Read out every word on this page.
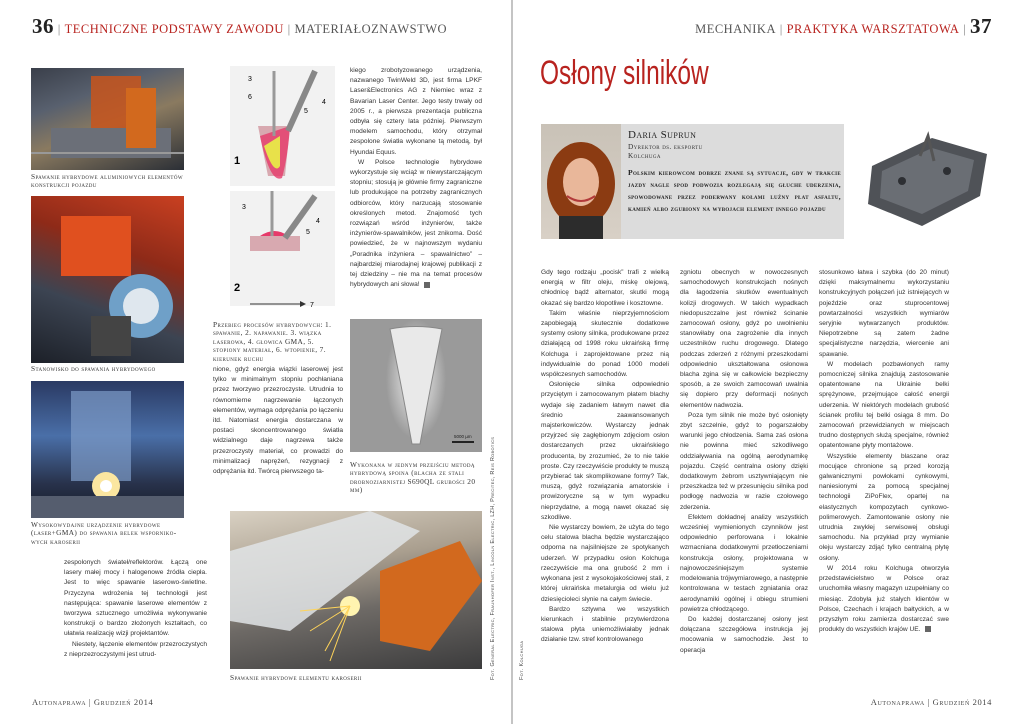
36 | TECHNICZNE PODSTAWY ZAWODU | MATERIAŁOZNAWSTWO	MECHANIKA | PRAKTYKA WARSZTATOWA | 37
Spawanie hybrydowe aluminiowych elementów konstrukcji pojazdu
Stanowisko do spawania hybrydowego
Wysokowydajne urządzenie hybrydowe (laser+GMA) do spawania belek wsporniko-wych karoserii
3
6
5
4
1
3
4
5
2
7
Przebieg procesów hybrydowych: 1. spawanie, 2. napawanie. 3. wiązka laserowa, 4. głowica GMA, 5. stopiony materiał, 6. wtopienie, 7. kierunek ruchu

kiego zrobotyzowanego urządzenia, nazwanego TwinWeld 3D, jest firma LPKF Laser&Electronics AG z Niemiec wraz z Bavarian Laser Center. Jego testy trwały od 2005 r., a pierwsza prezentacja publiczna odbyła się cztery lata później. Pierwszym modelem samochodu, który otrzymał zespolone światła wykonane tą metodą, był Hyundai Equus.

W Polsce technologie hybrydowe wykorzystuje się wciąż w niewystarczającym stopniu; stosują je głównie firmy zagraniczne lub produkujące na potrzeby zagranicznych odbiorców, który narzucają stosowanie określonych metod. Znajomość tych rozwiązań wśród inżynierów, także inżynierów-spawalników, jest znikoma. Dość powiedzieć, że w najnowszym wydaniu „Poradnika inżyniera – spawalnictwo” – najbardziej miarodajnej krajowej publikacji z tej dziedziny – nie ma na temat procesów hybrydowych ani słowa!

5000 µm
Wykonana w jednym przejściu metodą hybrydową spoina (blacha ze stali drobnoziarnistej S690QL grubości 20 mm)

nione, gdyż energia wiązki laserowej jest tylko w minimalnym stopniu pochłaniana przez tworzywo przezroczyste. Utrudnia to równomierne nagrzewanie łączonych elementów, wymaga odprężania po łączeniu itd. Natomiast energia dostarczana w postaci skoncentrowanego światła widzialnego daje nagrzewa także przezroczysty materiał, co prowadzi do minimalizacji naprężeń, rezygnacji z odprężania itd. Twórcą pierwszego ta-

zespolonych świateł/reflektorów. Łączą one lasery małej mocy i halogenowe źródła ciepła. Jest to więc spawanie laserowo-świetlne. Przyczyna wdrożenia tej technologii jest następująca: spawanie laserowe elementów z tworzywa sztucznego umożliwia wykonywanie konstrukcji o bardzo złożonych kształtach, co ułatwia realizację wizji projektantów.

Niestety, łączenie elementów przezroczystych z nieprzezroczystymi jest utrud-

Spawanie hybrydowe elementu karoserii	Fot. General Electric, Fraunhofer Inst., Lincoln Electric, LZH, Precitec, Reis Robotics	Fot. Kolchuga
Osłony silników
Daria Suprun
Dyrektor ds. eksportu
Kolchuga
Polskim kierowcom dobrze znane są sytuacje, gdy w trakcie jazdy nagle spod podwozia rozlegają się głuche uderzenia, spowodowane przez poderwany kołami luźny płat asfaltu, kamień albo zgubiony na wybojach element innego pojazdu

Gdy tego rodzaju „pocisk” trafi z wielką energią w filtr oleju, miskę olejową, chłodnicę bądź alternator, skutki mogą okazać się bardzo kłopotliwe i kosztowne.

Takim właśnie nieprzyjemnościom zapobiegają skutecznie dodatkowe systemy osłony silnika, produkowane przez działającą od 1998 roku ukraińską firmę Kolchuga i zaprojektowane przez nią indywidualnie do ponad 1000 modeli współczesnych samochodów.

Osłonięcie silnika odpowiednio przyciętym i zamocowanym płatem blachy wydaje się zadaniem łatwym nawet dla średnio zaawansowanych majsterkowiczów. Wystarczy jednak przyjrzeć się zagłębionym zdjęciom osłon dostarczanych przez ukraińskiego producenta, by zrozumieć, że to nie takie proste. Czy rzeczywiście produkty te muszą przybierać tak skomplikowane formy? Tak, muszą, gdyż rozwiązania amatorskie i prowizoryczne są w tym wypadku nieprzydatne, a mogą nawet okazać się szkodliwe.

Nie wystarczy bowiem, że użyta do tego celu stalowa blacha będzie wystarczająco odporna na najsilniejsze ze spotykanych uderzeń. W przypadku osłon Kolchuga rzeczywiście ma ona grubość 2 mm i wykonana jest z wysokojakościowej stali, z której ukraińska metalurgia od wielu już dziesięcioleci słynie na całym świecie.

Bardzo sztywna we wszystkich kierunkach i stabilnie przytwierdzona stalowa płyta uniemożliwiałaby jednak działanie tzw. stref kontrolowanego

zgniotu obecnych w nowoczesnych samochodowych konstrukcjach nośnych dla łagodzenia skutków ewentualnych kolizji drogowych. W takich wypadkach niedopuszczalne jest również ścinanie zamocowań osłony, gdyż po uwolnieniu stanowiłaby ona zagrożenie dla innych uczestników ruchu drogowego. Dlatego podczas zderzeń z różnymi przeszkodami odpowiednio ukształtowana osłonowa blacha zgina się w całkowicie bezpieczny sposób, a ze swoich zamocowań uwalnia się dopiero przy deformacji nośnych elementów nadwozia.

Poza tym silnik nie może być osłonięty zbyt szczelnie, gdyż to pogarszałoby warunki jego chłodzenia. Sama zaś osłona nie powinna mieć szkodliwego oddziaływania na ogólną aerodynamikę pojazdu. Część centralna osłony dzięki dodatkowym żebrom usztywniającym nie przeszkadza też w przesunięciu silnika pod podłogę nadwozia w razie czołowego zderzenia.

Efektem dokładnej analizy wszystkich wcześniej wymienionych czynników jest odpowiednio perforowana i lokalnie wzmacniana dodatkowymi przetłoczeniami konstrukcja osłony, projektowana w najnowocześniejszym systemie modelowania trójwymiarowego, a następnie kontrolowana w testach zgniatania oraz aerodynamiki ogólnej i obiegu strumieni powietrza chłodzącego.

Do każdej dostarczanej osłony jest dołączana szczegółowa instrukcja jej mocowania w samochodzie. Jest to operacja

stosunkowo łatwa i szybka (do 20 minut) dzięki maksymalnemu wykorzystaniu konstrukcyjnych połączeń już istniejących w pojeździe oraz stuprocentowej powtarzalności wszystkich wymiarów seryjnie wytwarzanych produktów. Niepotrzebne są zatem żadne specjalistyczne narzędzia, wiercenie ani spawanie.

W modelach pozbawionych ramy pomocniczej silnika znajdują zastosowanie opatentowane na Ukrainie belki sprężynowe, przejmujące całość energii uderzenia. W niektórych modelach grubość ścianek profilu tej belki osiąga 8 mm. Do zamocowań przewidzianych w miejscach trudno dostępnych służą specjalne, również opatentowane płyty montażowe.

Wszystkie elementy blaszane oraz mocujące chronione są przed korozją galwanicznymi powłokami cynkowymi, naniesionymi za pomocą specjalnej technologii ZiPoFlex, opartej na elastycznych kompozytach cynkowo-polimerowych. Zamontowanie osłony nie utrudnia zwykłej serwisowej obsługi samochodu. Na przykład przy wymianie oleju wystarczy zdjąć tylko centralną płytę osłony.

W 2014 roku Kolchuga otworzyła przedstawicielstwo w Polsce oraz uruchomiła własny magazyn uzupełniany co miesiąc. Zdobyła już stałych klientów w Polsce, Czechach i krajach bałtyckich, a w przyszłym roku zamierza dostarczać swe produkty do wszystkich krajów UE.

Autonaprawa | Grudzień 2014	Autonaprawa | Grudzień 2014
